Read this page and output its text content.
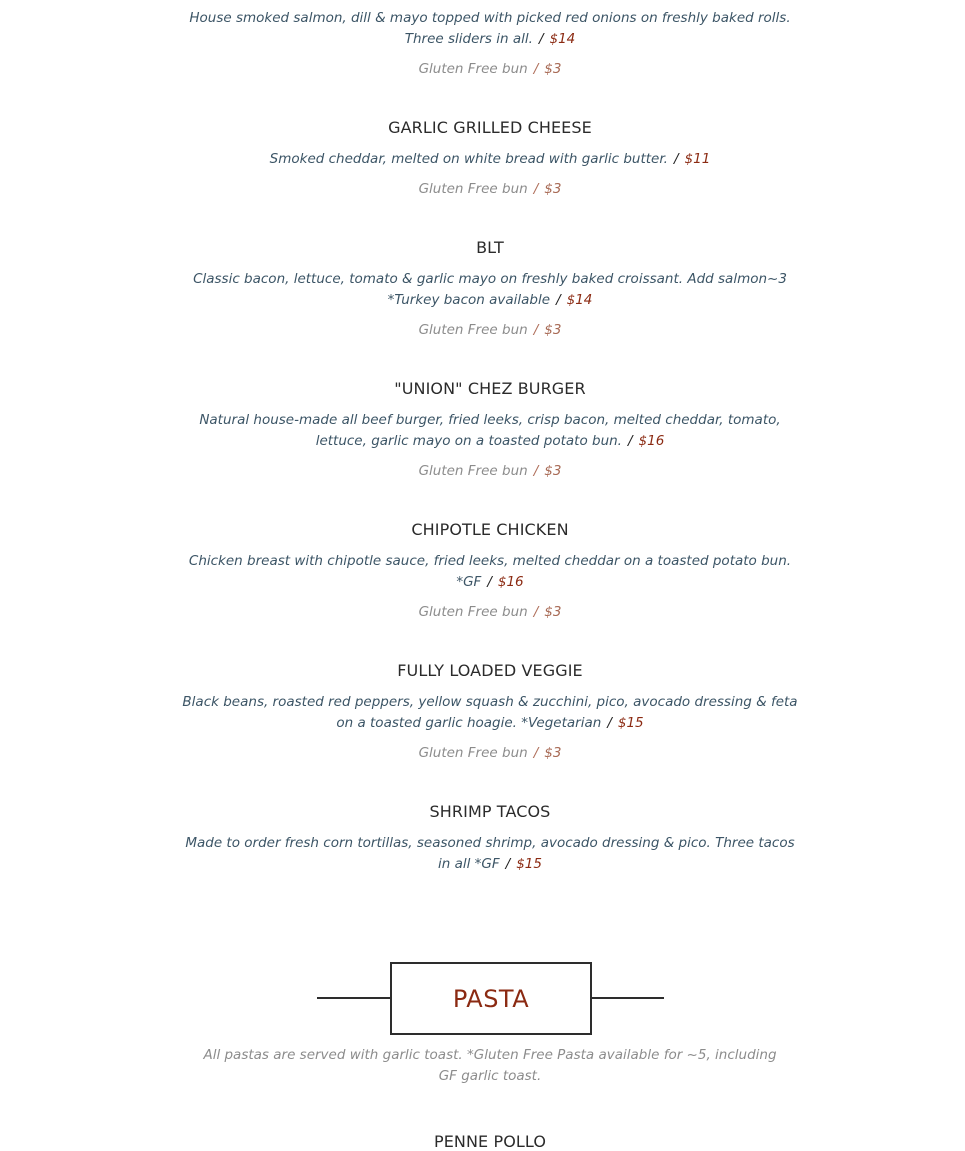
House smoked salmon, dill & mayo topped with picked red onions on freshly baked rolls. Three sliders in all. / $14

Gluten Free bun / $3

GARLIC GRILLED CHEESE

Smoked cheddar, melted on white bread with garlic butter. / $11

Gluten Free bun / $3

BLT

Classic bacon, lettuce, tomato & garlic mayo on freshly baked croissant. Add salmon~3 *Turkey bacon available / $14

Gluten Free bun / $3

"UNION" CHEZ BURGER

Natural house-made all beef burger, fried leeks, crisp bacon, melted cheddar, tomato, lettuce, garlic mayo on a toasted potato bun. / $16

Gluten Free bun / $3

CHIPOTLE CHICKEN

Chicken breast with chipotle sauce, fried leeks, melted cheddar on a toasted potato bun. *GF / $16

Gluten Free bun / $3

FULLY LOADED VEGGIE

Black beans, roasted red peppers, yellow squash & zucchini, pico, avocado dressing & feta on a toasted garlic hoagie. *Vegetarian / $15

Gluten Free bun / $3

SHRIMP TACOS

Made to order fresh corn tortillas, seasoned shrimp, avocado dressing & pico. Three tacos in all *GF / $15

PASTA

All pastas are served with garlic toast. *Gluten Free Pasta available for ~5, including GF garlic toast.

PENNE POLLO
